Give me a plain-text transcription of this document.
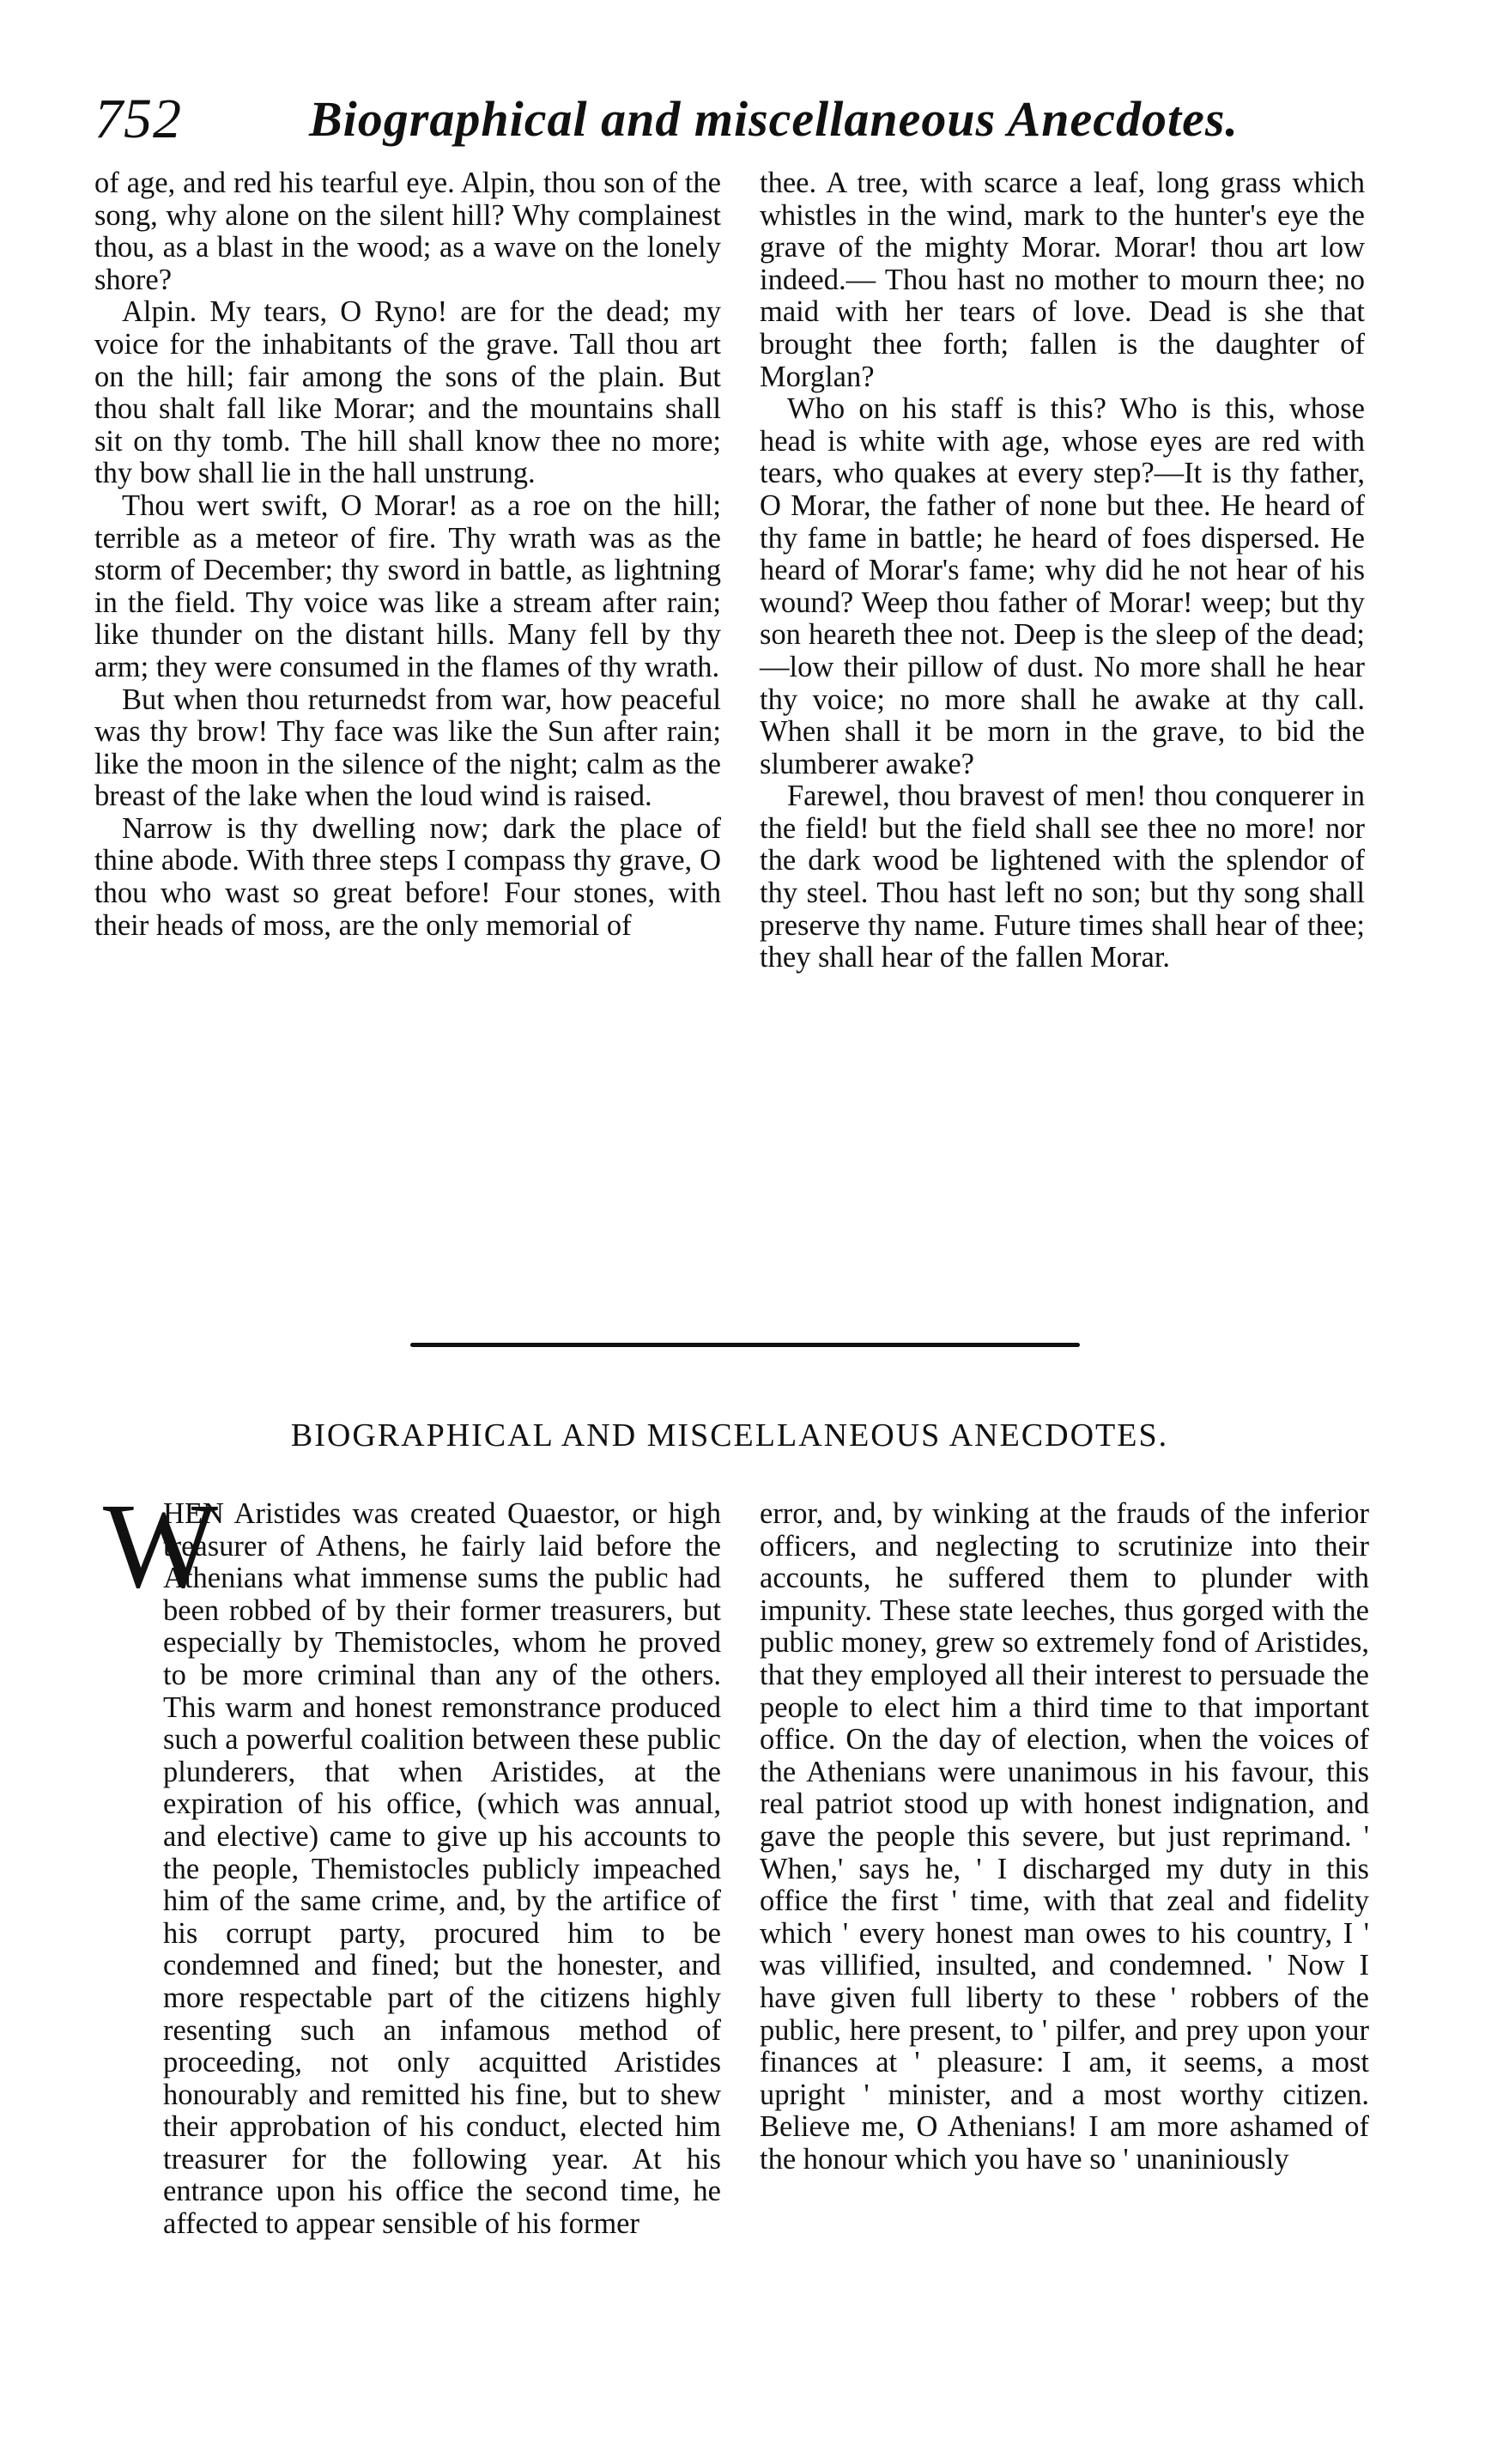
752	Biographical and miscellaneous Anecdotes.

of age, and red his tearful eye. Alpin, thou son of the song, why alone on the silent hill? Why complainest thou, as a blast in the wood; as a wave on the lonely shore?

Alpin. My tears, O Ryno! are for the dead; my voice for the inhabitants of the grave. Tall thou art on the hill; fair among the sons of the plain. But thou shalt fall like Morar; and the mountains shall sit on thy tomb. The hill shall know thee no more; thy bow shall lie in the hall unstrung.

Thou wert swift, O Morar! as a roe on the hill; terrible as a meteor of fire. Thy wrath was as the storm of December; thy sword in battle, as lightning in the field. Thy voice was like a stream after rain; like thunder on the distant hills. Many fell by thy arm; they were consumed in the flames of thy wrath.

But when thou returnedst from war, how peaceful was thy brow! Thy face was like the Sun after rain; like the moon in the silence of the night; calm as the breast of the lake when the loud wind is raised.

Narrow is thy dwelling now; dark the place of thine abode. With three steps I compass thy grave, O thou who wast so great before! Four stones, with their heads of moss, are the only memorial of

thee. A tree, with scarce a leaf, long grass which whistles in the wind, mark to the hunter's eye the grave of the mighty Morar. Morar! thou art low indeed.— Thou hast no mother to mourn thee; no maid with her tears of love. Dead is she that brought thee forth; fallen is the daughter of Morglan?

Who on his staff is this? Who is this, whose head is white with age, whose eyes are red with tears, who quakes at every step?—It is thy father, O Morar, the father of none but thee. He heard of thy fame in battle; he heard of foes dispersed. He heard of Morar's fame; why did he not hear of his wound? Weep thou father of Morar! weep; but thy son heareth thee not. Deep is the sleep of the dead;—low their pillow of dust. No more shall he hear thy voice; no more shall he awake at thy call. When shall it be morn in the grave, to bid the slumberer awake?

Farewel, thou bravest of men! thou conquerer in the field! but the field shall see thee no more! nor the dark wood be lightened with the splendor of thy steel. Thou hast left no son; but thy song shall preserve thy name. Future times shall hear of thee; they shall hear of the fallen Morar.

BIOGRAPHICAL AND MISCELLANEOUS ANECDOTES.
W

HEN Aristides was created Quaestor, or high treasurer of Athens, he fairly laid before the Athenians what immense sums the public had been robbed of by their former treasurers, but especially by Themistocles, whom he proved to be more criminal than any of the others. This warm and honest remonstrance produced such a powerful coalition between these public plunderers, that when Aristides, at the expiration of his office, (which was annual, and elective) came to give up his accounts to the people, Themistocles publicly impeached him of the same crime, and, by the artifice of his corrupt party, procured him to be condemned and fined; but the honester, and more respectable part of the citizens highly resenting such an infamous method of proceeding, not only acquitted Aristides honourably and remitted his fine, but to shew their approbation of his conduct, elected him treasurer for the following year. At his entrance upon his office the second time, he affected to appear sensible of his former

error, and, by winking at the frauds of the inferior officers, and neglecting to scrutinize into their accounts, he suffered them to plunder with impunity. These state leeches, thus gorged with the public money, grew so extremely fond of Aristides, that they employed all their interest to persuade the people to elect him a third time to that important office. On the day of election, when the voices of the Athenians were unanimous in his favour, this real patriot stood up with honest indignation, and gave the people this severe, but just reprimand. ' When,' says he, ' I discharged my duty in this office the first ' time, with that zeal and fidelity which ' every honest man owes to his country, I ' was villified, insulted, and condemned. ' Now I have given full liberty to these ' robbers of the public, here present, to ' pilfer, and prey upon your finances at ' pleasure: I am, it seems, a most upright ' minister, and a most worthy citizen. Believe me, O Athenians! I am more ashamed of the honour which you have so ' unaniniously
